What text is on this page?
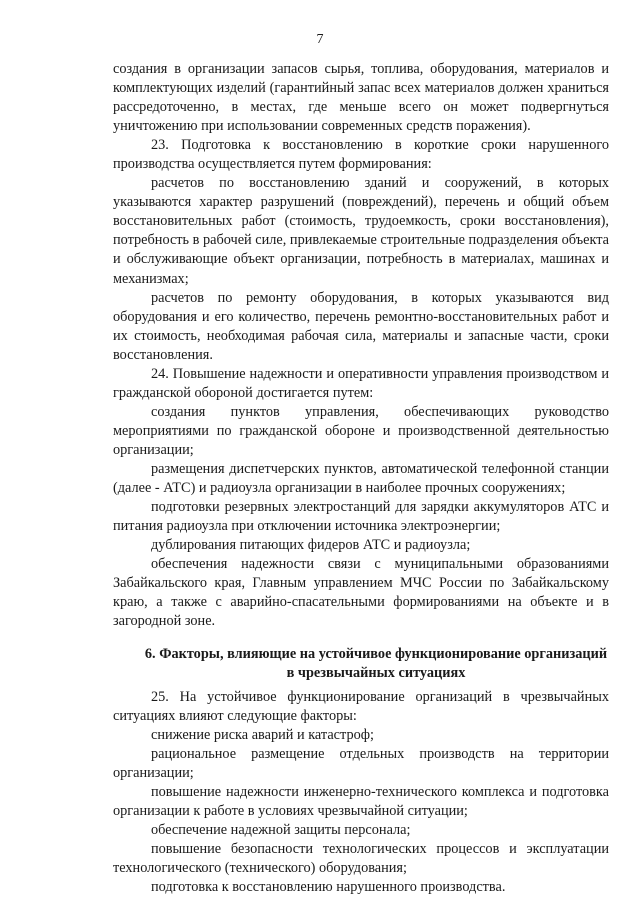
7

создания в организации запасов сырья, топлива, оборудования, материалов и комплектующих изделий (гарантийный запас всех материалов должен храниться рассредоточенно, в местах, где меньше всего он может подвергнуться уничтожению при использовании современных средств поражения).

23. Подготовка к восстановлению в короткие сроки нарушенного производства осуществляется путем формирования:

расчетов по восстановлению зданий и сооружений, в которых указываются характер разрушений (повреждений), перечень и общий объем восстановительных работ (стоимость, трудоемкость, сроки восстановления), потребность в рабочей силе, привлекаемые строительные подразделения объекта и обслуживающие объект организации, потребность в материалах, машинах и механизмах;

расчетов по ремонту оборудования, в которых указываются вид оборудования и его количество, перечень ремонтно-восстановительных работ и их стоимость, необходимая рабочая сила, материалы и запасные части, сроки восстановления.

24. Повышение надежности и оперативности управления производством и гражданской обороной достигается путем:

создания пунктов управления, обеспечивающих руководство мероприятиями по гражданской обороне и производственной деятельностью организации;

размещения диспетчерских пунктов, автоматической телефонной станции (далее - АТС) и радиоузла организации в наиболее прочных сооружениях;

подготовки резервных электростанций для зарядки аккумуляторов АТС и питания радиоузла при отключении источника электроэнергии;

дублирования питающих фидеров АТС и радиоузла;

обеспечения надежности связи с муниципальными образованиями Забайкальского края, Главным управлением МЧС России по Забайкальскому краю, а также с аварийно-спасательными формированиями на объекте и в загородной зоне.

6. Факторы, влияющие на устойчивое функционирование организаций в чрезвычайных ситуациях

25. На устойчивое функционирование организаций в чрезвычайных ситуациях влияют следующие факторы:

снижение риска аварий и катастроф;

рациональное размещение отдельных производств на территории организации;

повышение надежности инженерно-технического комплекса и подготовка организации к работе в условиях чрезвычайной ситуации;

обеспечение надежной защиты персонала;

повышение безопасности технологических процессов и эксплуатации технологического (технического) оборудования;

подготовка к восстановлению нарушенного производства.
